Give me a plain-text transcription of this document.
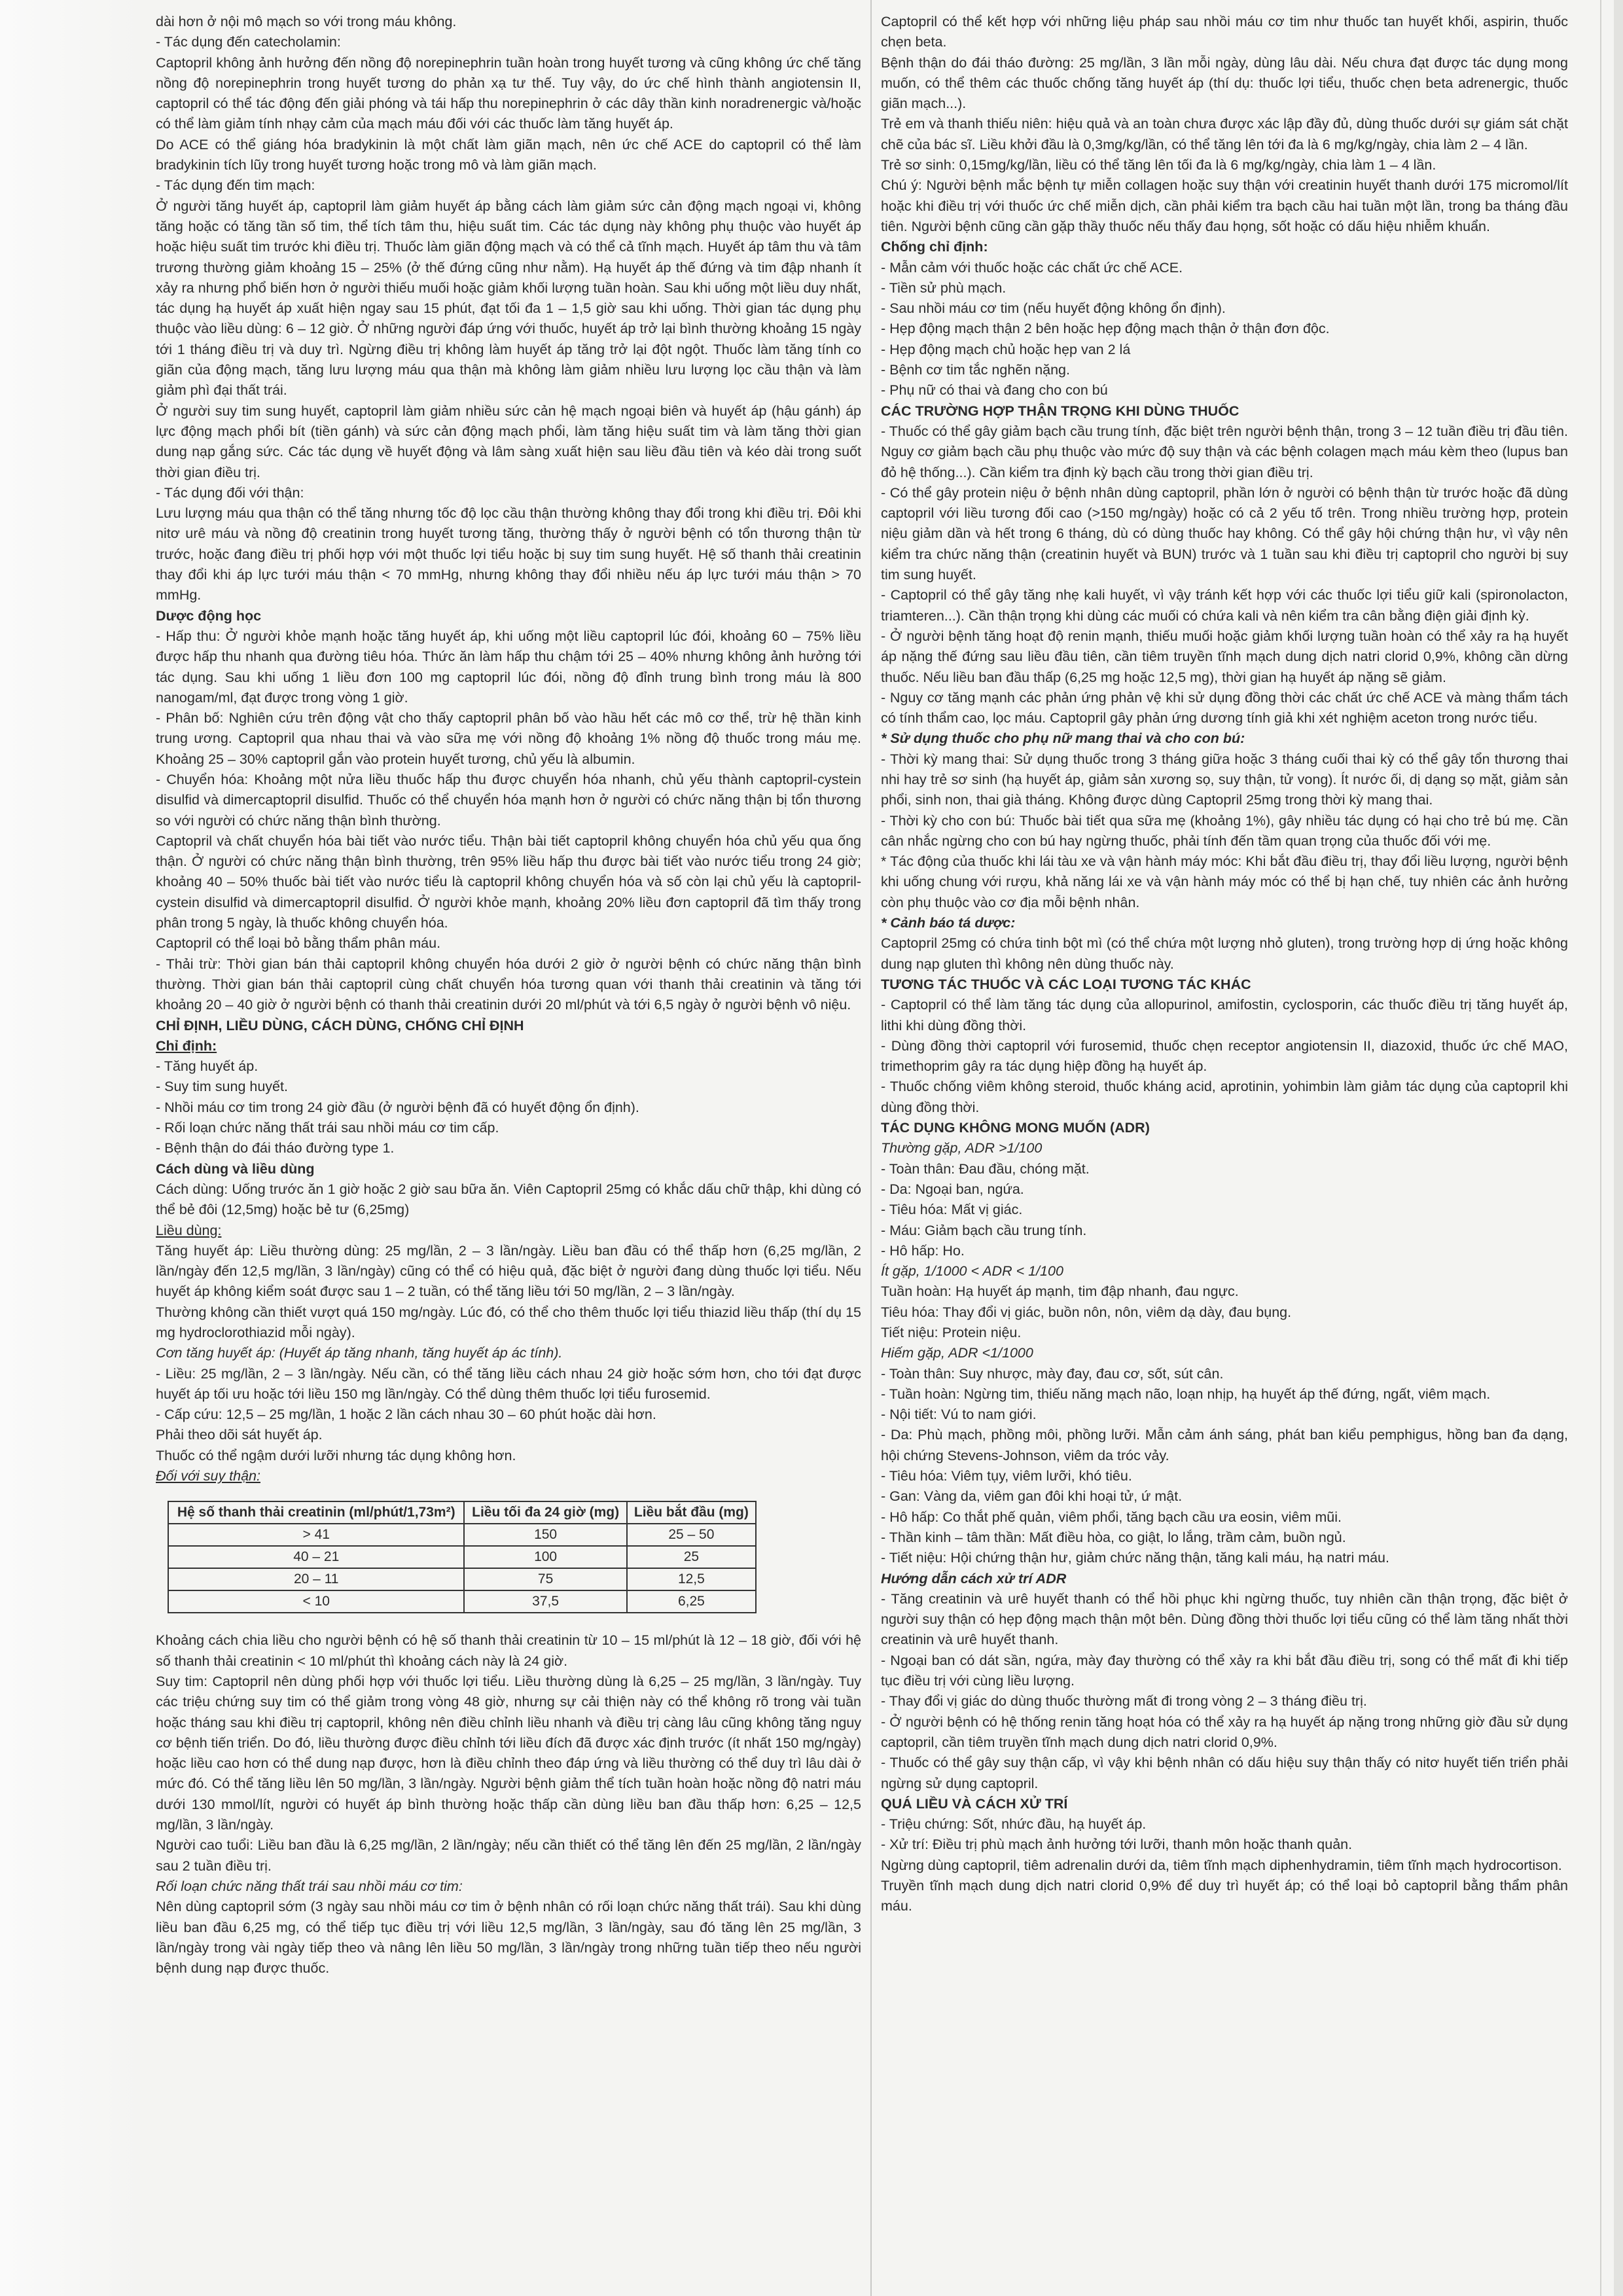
dài hơn ở nội mô mạch so với trong máu không.

- Tác dụng đến catecholamin:

Captopril không ảnh hưởng đến nồng độ norepinephrin tuần hoàn trong huyết tương và cũng không ức chế tăng nồng độ norepinephrin trong huyết tương do phản xạ tư thế. Tuy vậy, do ức chế hình thành angiotensin II, captopril có thể tác động đến giải phóng và tái hấp thu norepinephrin ở các dây thần kinh noradrenergic và/hoặc có thể làm giảm tính nhạy cảm của mạch máu đối với các thuốc làm tăng huyết áp.

Do ACE có thể giáng hóa bradykinin là một chất làm giãn mạch, nên ức chế ACE do captopril có thể làm bradykinin tích lũy trong huyết tương hoặc trong mô và làm giãn mạch.

- Tác dụng đến tim mạch:

Ở người tăng huyết áp, captopril làm giảm huyết áp bằng cách làm giảm sức cản động mạch ngoại vi, không tăng hoặc có tăng tần số tim, thể tích tâm thu, hiệu suất tim. Các tác dụng này không phụ thuộc vào huyết áp hoặc hiệu suất tim trước khi điều trị. Thuốc làm giãn động mạch và có thể cả tĩnh mạch. Huyết áp tâm thu và tâm trương thường giảm khoảng 15 – 25% (ở thế đứng cũng như nằm). Hạ huyết áp thế đứng và tim đập nhanh ít xảy ra nhưng phổ biến hơn ở người thiếu muối hoặc giảm khối lượng tuần hoàn. Sau khi uống một liều duy nhất, tác dụng hạ huyết áp xuất hiện ngay sau 15 phút, đạt tối đa 1 – 1,5 giờ sau khi uống. Thời gian tác dụng phụ thuộc vào liều dùng: 6 – 12 giờ. Ở những người đáp ứng với thuốc, huyết áp trở lại bình thường khoảng 15 ngày tới 1 tháng điều trị và duy trì. Ngừng điều trị không làm huyết áp tăng trở lại đột ngột. Thuốc làm tăng tính co giãn của động mạch, tăng lưu lượng máu qua thận mà không làm giảm nhiều lưu lượng lọc cầu thận và làm giảm phì đại thất trái.

Ở người suy tim sung huyết, captopril làm giảm nhiều sức cản hệ mạch ngoại biên và huyết áp (hậu gánh) áp lực động mạch phổi bít (tiền gánh) và sức cản động mạch phổi, làm tăng hiệu suất tim và làm tăng thời gian dung nạp gắng sức. Các tác dụng về huyết động và lâm sàng xuất hiện sau liều đầu tiên và kéo dài trong suốt thời gian điều trị.

- Tác dụng đối với thận:

Lưu lượng máu qua thận có thể tăng nhưng tốc độ lọc cầu thận thường không thay đổi trong khi điều trị. Đôi khi nitơ urê máu và nồng độ creatinin trong huyết tương tăng, thường thấy ở người bệnh có tổn thương thận từ trước, hoặc đang điều trị phối hợp với một thuốc lợi tiểu hoặc bị suy tim sung huyết. Hệ số thanh thải creatinin thay đổi khi áp lực tưới máu thận < 70 mmHg, nhưng không thay đổi nhiều nếu áp lực tưới máu thận > 70 mmHg.

Dược động học

- Hấp thu: Ở người khỏe mạnh hoặc tăng huyết áp, khi uống một liều captopril lúc đói, khoảng 60 – 75% liều được hấp thu nhanh qua đường tiêu hóa. Thức ăn làm hấp thu chậm tới 25 – 40% nhưng không ảnh hưởng tới tác dụng. Sau khi uống 1 liều đơn 100 mg captopril lúc đói, nồng độ đỉnh trung bình trong máu là 800 nanogam/ml, đạt được trong vòng 1 giờ.

- Phân bố: Nghiên cứu trên động vật cho thấy captopril phân bố vào hầu hết các mô cơ thể, trừ hệ thần kinh trung ương. Captopril qua nhau thai và vào sữa mẹ với nồng độ khoảng 1% nồng độ thuốc trong máu mẹ. Khoảng 25 – 30% captopril gắn vào protein huyết tương, chủ yếu là albumin.

- Chuyển hóa: Khoảng một nửa liều thuốc hấp thu được chuyển hóa nhanh, chủ yếu thành captopril-cystein disulfid và dimercaptopril disulfid. Thuốc có thể chuyển hóa mạnh hơn ở người có chức năng thận bị tổn thương so với người có chức năng thận bình thường.

Captopril và chất chuyển hóa bài tiết vào nước tiểu. Thận bài tiết captopril không chuyển hóa chủ yếu qua ống thận. Ở người có chức năng thận bình thường, trên 95% liều hấp thu được bài tiết vào nước tiểu trong 24 giờ; khoảng 40 – 50% thuốc bài tiết vào nước tiểu là captopril không chuyển hóa và số còn lại chủ yếu là captopril-cystein disulfid và dimercaptopril disulfid. Ở người khỏe mạnh, khoảng 20% liều đơn captopril đã tìm thấy trong phân trong 5 ngày, là thuốc không chuyển hóa.

Captopril có thể loại bỏ bằng thẩm phân máu.

- Thải trừ: Thời gian bán thải captopril không chuyển hóa dưới 2 giờ ở người bệnh có chức năng thận bình thường. Thời gian bán thải captopril cùng chất chuyển hóa tương quan với thanh thải creatinin và tăng tới khoảng 20 – 40 giờ ở người bệnh có thanh thải creatinin dưới 20 ml/phút và tới 6,5 ngày ở người bệnh vô niệu.

CHỈ ĐỊNH, LIỀU DÙNG, CÁCH DÙNG, CHỐNG CHỈ ĐỊNH

Chỉ định:

- Tăng huyết áp.

- Suy tim sung huyết.

- Nhồi máu cơ tim trong 24 giờ đầu (ở người bệnh đã có huyết động ổn định).

- Rối loạn chức năng thất trái sau nhồi máu cơ tim cấp.

- Bệnh thận do đái tháo đường type 1.

Cách dùng và liều dùng

Cách dùng: Uống trước ăn 1 giờ hoặc 2 giờ sau bữa ăn. Viên Captopril 25mg có khắc dấu chữ thập, khi dùng có thể bẻ đôi (12,5mg) hoặc bẻ tư (6,25mg)

Liều dùng:

Tăng huyết áp: Liều thường dùng: 25 mg/lần, 2 – 3 lần/ngày. Liều ban đầu có thể thấp hơn (6,25 mg/lần, 2 lần/ngày đến 12,5 mg/lần, 3 lần/ngày) cũng có thể có hiệu quả, đặc biệt ở người đang dùng thuốc lợi tiểu. Nếu huyết áp không kiểm soát được sau 1 – 2 tuần, có thể tăng liều tới 50 mg/lần, 2 – 3 lần/ngày.

Thường không cần thiết vượt quá 150 mg/ngày. Lúc đó, có thể cho thêm thuốc lợi tiểu thiazid liều thấp (thí dụ 15 mg hydroclorothiazid mỗi ngày).

Cơn tăng huyết áp: (Huyết áp tăng nhanh, tăng huyết áp ác tính).

- Liều: 25 mg/lần, 2 – 3 lần/ngày. Nếu cần, có thể tăng liều cách nhau 24 giờ hoặc sớm hơn, cho tới đạt được huyết áp tối ưu hoặc tới liều 150 mg lần/ngày. Có thể dùng thêm thuốc lợi tiểu furosemid.

- Cấp cứu: 12,5 – 25 mg/lần, 1 hoặc 2 lần cách nhau 30 – 60 phút hoặc dài hơn.

Phải theo dõi sát huyết áp.

Thuốc có thể ngậm dưới lưỡi nhưng tác dụng không hơn.

Đối với suy thận:

Hệ số thanh thải creatinin (ml/phút/1,73m²)	Liều tối đa 24 giờ (mg)	Liều bắt đầu (mg)
> 41	150	25 – 50
40 – 21	100	25
20 – 11	75	12,5
< 10	37,5	6,25

Khoảng cách chia liều cho người bệnh có hệ số thanh thải creatinin từ 10 – 15 ml/phút là 12 – 18 giờ, đối với hệ số thanh thải creatinin < 10 ml/phút thì khoảng cách này là 24 giờ.

Suy tim: Captopril nên dùng phối hợp với thuốc lợi tiểu. Liều thường dùng là 6,25 – 25 mg/lần, 3 lần/ngày. Tuy các triệu chứng suy tim có thể giảm trong vòng 48 giờ, nhưng sự cải thiện này có thể không rõ trong vài tuần hoặc tháng sau khi điều trị captopril, không nên điều chỉnh liều nhanh và điều trị càng lâu cũng không tăng nguy cơ bệnh tiến triển. Do đó, liều thường được điều chỉnh tới liều đích đã được xác định trước (ít nhất 150 mg/ngày) hoặc liều cao hơn có thể dung nạp được, hơn là điều chỉnh theo đáp ứng và liều thường có thể duy trì lâu dài ở mức đó. Có thể tăng liều lên 50 mg/lần, 3 lần/ngày. Người bệnh giảm thể tích tuần hoàn hoặc nồng độ natri máu dưới 130 mmol/lít, người có huyết áp bình thường hoặc thấp cần dùng liều ban đầu thấp hơn: 6,25 – 12,5 mg/lần, 3 lần/ngày.

Người cao tuổi: Liều ban đầu là 6,25 mg/lần, 2 lần/ngày; nếu cần thiết có thể tăng lên đến 25 mg/lần, 2 lần/ngày sau 2 tuần điều trị.

Rối loạn chức năng thất trái sau nhồi máu cơ tim:

Nên dùng captopril sớm (3 ngày sau nhồi máu cơ tim ở bệnh nhân có rối loạn chức năng thất trái). Sau khi dùng liều ban đầu 6,25 mg, có thể tiếp tục điều trị với liều 12,5 mg/lần, 3 lần/ngày, sau đó tăng lên 25 mg/lần, 3 lần/ngày trong vài ngày tiếp theo và nâng lên liều 50 mg/lần, 3 lần/ngày trong những tuần tiếp theo nếu người bệnh dung nạp được thuốc.

Captopril có thể kết hợp với những liệu pháp sau nhồi máu cơ tim như thuốc tan huyết khối, aspirin, thuốc chẹn beta.

Bệnh thận do đái tháo đường: 25 mg/lần, 3 lần mỗi ngày, dùng lâu dài. Nếu chưa đạt được tác dụng mong muốn, có thể thêm các thuốc chống tăng huyết áp (thí dụ: thuốc lợi tiểu, thuốc chẹn beta adrenergic, thuốc giãn mạch...).

Trẻ em và thanh thiếu niên: hiệu quả và an toàn chưa được xác lập đầy đủ, dùng thuốc dưới sự giám sát chặt chẽ của bác sĩ. Liều khởi đầu là 0,3mg/kg/lần, có thể tăng lên tới đa là 6 mg/kg/ngày, chia làm 2 – 4 lần.

Trẻ sơ sinh: 0,15mg/kg/lần, liều có thể tăng lên tối đa là 6 mg/kg/ngày, chia làm 1 – 4 lần.

Chú ý: Người bệnh mắc bệnh tự miễn collagen hoặc suy thận với creatinin huyết thanh dưới 175 micromol/lít hoặc khi điều trị với thuốc ức chế miễn dịch, cần phải kiểm tra bạch cầu hai tuần một lần, trong ba tháng đầu tiên. Người bệnh cũng cần gặp thầy thuốc nếu thấy đau họng, sốt hoặc có dấu hiệu nhiễm khuẩn.

Chống chỉ định:

- Mẫn cảm với thuốc hoặc các chất ức chế ACE.

- Tiền sử phù mạch.

- Sau nhồi máu cơ tim (nếu huyết động không ổn định).

- Hẹp động mạch thận 2 bên hoặc hẹp động mạch thận ở thận đơn độc.

- Hẹp động mạch chủ hoặc hẹp van 2 lá

- Bệnh cơ tim tắc nghẽn nặng.

- Phụ nữ có thai và đang cho con bú

CÁC TRƯỜNG HỢP THẬN TRỌNG KHI DÙNG THUỐC

- Thuốc có thể gây giảm bạch cầu trung tính, đặc biệt trên người bệnh thận, trong 3 – 12 tuần điều trị đầu tiên. Nguy cơ giảm bạch cầu phụ thuộc vào mức độ suy thận và các bệnh colagen mạch máu kèm theo (lupus ban đỏ hệ thống...). Cần kiểm tra định kỳ bạch cầu trong thời gian điều trị.

- Có thể gây protein niệu ở bệnh nhân dùng captopril, phần lớn ở người có bệnh thận từ trước hoặc đã dùng captopril với liều tương đối cao (>150 mg/ngày) hoặc có cả 2 yếu tố trên. Trong nhiều trường hợp, protein niệu giảm dần và hết trong 6 tháng, dù có dùng thuốc hay không. Có thể gây hội chứng thận hư, vì vậy nên kiểm tra chức năng thận (creatinin huyết và BUN) trước và 1 tuần sau khi điều trị captopril cho người bị suy tim sung huyết.

- Captopril có thể gây tăng nhẹ kali huyết, vì vậy tránh kết hợp với các thuốc lợi tiểu giữ kali (spironolacton, triamteren...). Cần thận trọng khi dùng các muối có chứa kali và nên kiểm tra cân bằng điện giải định kỳ.

- Ở người bệnh tăng hoạt độ renin mạnh, thiếu muối hoặc giảm khối lượng tuần hoàn có thể xảy ra hạ huyết áp nặng thế đứng sau liều đầu tiên, cần tiêm truyền tĩnh mạch dung dịch natri clorid 0,9%, không cần dừng thuốc. Nếu liều ban đầu thấp (6,25 mg hoặc 12,5 mg), thời gian hạ huyết áp nặng sẽ giảm.

- Nguy cơ tăng mạnh các phản ứng phản vệ khi sử dụng đồng thời các chất ức chế ACE và màng thẩm tách có tính thẩm cao, lọc máu. Captopril gây phản ứng dương tính giả khi xét nghiệm aceton trong nước tiểu.

* Sử dụng thuốc cho phụ nữ mang thai và cho con bú:

- Thời kỳ mang thai: Sử dụng thuốc trong 3 tháng giữa hoặc 3 tháng cuối thai kỳ có thể gây tổn thương thai nhi hay trẻ sơ sinh (hạ huyết áp, giảm sản xương sọ, suy thận, tử vong). Ít nước ối, dị dạng sọ mặt, giảm sản phổi, sinh non, thai già tháng. Không được dùng Captopril 25mg trong thời kỳ mang thai.

- Thời kỳ cho con bú: Thuốc bài tiết qua sữa mẹ (khoảng 1%), gây nhiều tác dụng có hại cho trẻ bú mẹ. Cần cân nhắc ngừng cho con bú hay ngừng thuốc, phải tính đến tầm quan trọng của thuốc đối với mẹ.

* Tác động của thuốc khi lái tàu xe và vận hành máy móc: Khi bắt đầu điều trị, thay đổi liều lượng, người bệnh khi uống chung với rượu, khả năng lái xe và vận hành máy móc có thể bị hạn chế, tuy nhiên các ảnh hưởng còn phụ thuộc vào cơ địa mỗi bệnh nhân.

* Cảnh báo tá dược:

Captopril 25mg có chứa tinh bột mì (có thể chứa một lượng nhỏ gluten), trong trường hợp dị ứng hoặc không dung nạp gluten thì không nên dùng thuốc này.

TƯƠNG TÁC THUỐC VÀ CÁC LOẠI TƯƠNG TÁC KHÁC

- Captopril có thể làm tăng tác dụng của allopurinol, amifostin, cyclosporin, các thuốc điều trị tăng huyết áp, lithi khi dùng đồng thời.

- Dùng đồng thời captopril với furosemid, thuốc chẹn receptor angiotensin II, diazoxid, thuốc ức chế MAO, trimethoprim gây ra tác dụng hiệp đồng hạ huyết áp.

- Thuốc chống viêm không steroid, thuốc kháng acid, aprotinin, yohimbin làm giảm tác dụng của captopril khi dùng đồng thời.

TÁC DỤNG KHÔNG MONG MUỐN (ADR)

Thường gặp, ADR >1/100

- Toàn thân: Đau đầu, chóng mặt.

- Da: Ngoại ban, ngứa.

- Tiêu hóa: Mất vị giác.

- Máu: Giảm bạch cầu trung tính.

- Hô hấp: Ho.

Ít gặp, 1/1000 < ADR < 1/100

Tuần hoàn: Hạ huyết áp mạnh, tim đập nhanh, đau ngực.

Tiêu hóa: Thay đổi vị giác, buồn nôn, nôn, viêm dạ dày, đau bụng.

Tiết niệu: Protein niệu.

Hiếm gặp, ADR <1/1000

- Toàn thân: Suy nhược, mày đay, đau cơ, sốt, sút cân.

- Tuần hoàn: Ngừng tim, thiếu năng mạch não, loạn nhịp, hạ huyết áp thế đứng, ngất, viêm mạch.

- Nội tiết: Vú to nam giới.

- Da: Phù mạch, phồng môi, phồng lưỡi. Mẫn cảm ánh sáng, phát ban kiểu pemphigus, hồng ban đa dạng, hội chứng Stevens-Johnson, viêm da tróc vảy.

- Tiêu hóa: Viêm tụy, viêm lưỡi, khó tiêu.

- Gan: Vàng da, viêm gan đôi khi hoại tử, ứ mật.

- Hô hấp: Co thắt phế quản, viêm phổi, tăng bạch cầu ưa eosin, viêm mũi.

- Thần kinh – tâm thần: Mất điều hòa, co giật, lo lắng, trầm cảm, buồn ngủ.

- Tiết niệu: Hội chứng thận hư, giảm chức năng thận, tăng kali máu, hạ natri máu.

Hướng dẫn cách xử trí ADR

- Tăng creatinin và urê huyết thanh có thể hồi phục khi ngừng thuốc, tuy nhiên cần thận trọng, đặc biệt ở người suy thận có hẹp động mạch thận một bên. Dùng đồng thời thuốc lợi tiểu cũng có thể làm tăng nhất thời creatinin và urê huyết thanh.

- Ngoại ban có dát sần, ngứa, mày đay thường có thể xảy ra khi bắt đầu điều trị, song có thể mất đi khi tiếp tục điều trị với cùng liều lượng.

- Thay đổi vị giác do dùng thuốc thường mất đi trong vòng 2 – 3 tháng điều trị.

- Ở người bệnh có hệ thống renin tăng hoạt hóa có thể xảy ra hạ huyết áp nặng trong những giờ đầu sử dụng captopril, cần tiêm truyền tĩnh mạch dung dịch natri clorid 0,9%.

- Thuốc có thể gây suy thận cấp, vì vậy khi bệnh nhân có dấu hiệu suy thận thấy có nitơ huyết tiến triển phải ngừng sử dụng captopril.

QUÁ LIỀU VÀ CÁCH XỬ TRÍ

- Triệu chứng: Sốt, nhức đầu, hạ huyết áp.

- Xử trí: Điều trị phù mạch ảnh hưởng tới lưỡi, thanh môn hoặc thanh quản.

Ngừng dùng captopril, tiêm adrenalin dưới da, tiêm tĩnh mạch diphenhydramin, tiêm tĩnh mạch hydrocortison.

Truyền tĩnh mạch dung dịch natri clorid 0,9% để duy trì huyết áp; có thể loại bỏ captopril bằng thẩm phân máu.
